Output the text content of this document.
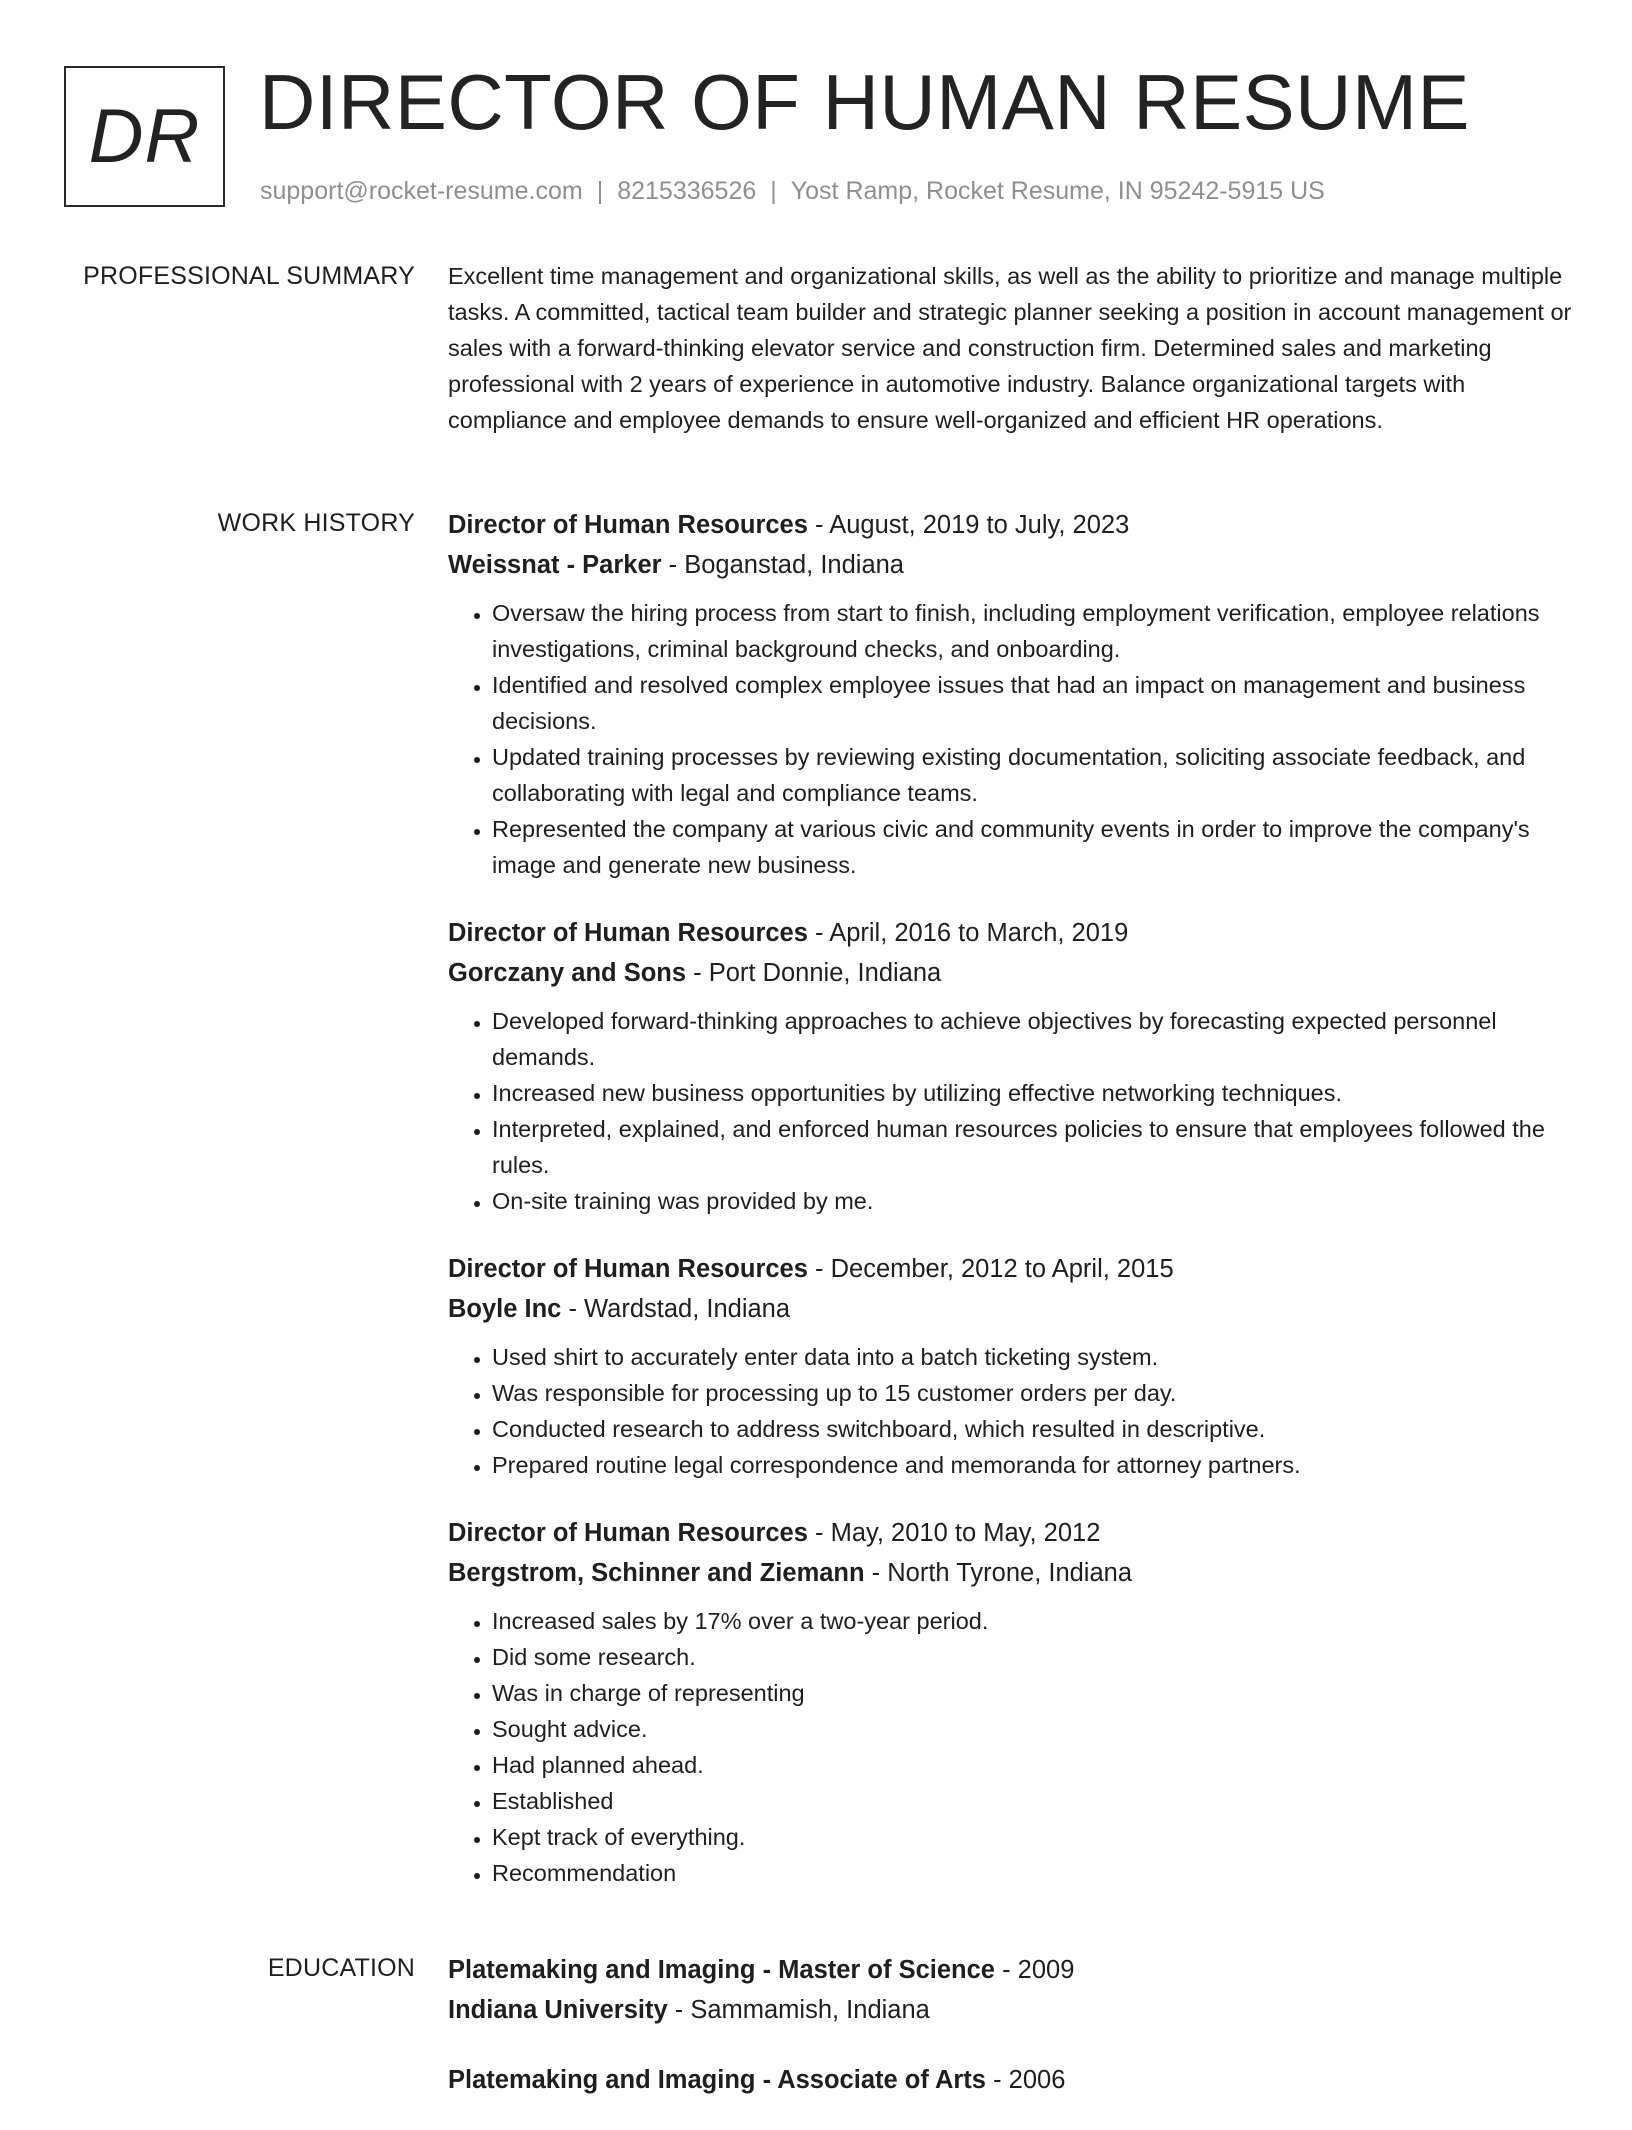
DR DIRECTOR OF HUMAN RESUME
support@rocket-resume.com | 8215336526 | Yost Ramp, Rocket Resume, IN 95242-5915 US
PROFESSIONAL SUMMARY Excellent time management and organizational skills, as well as the ability to prioritize and manage multiple tasks. A committed, tactical team builder and strategic planner seeking a position in account management or sales with a forward-thinking elevator service and construction firm. Determined sales and marketing professional with 2 years of experience in automotive industry. Balance organizational targets with compliance and employee demands to ensure well-organized and efficient HR operations.

WORK HISTORY Director of Human Resources - August, 2019 to July, 2023
Weissnat - Parker - Boganstad, Indiana
• Oversaw the hiring process from start to finish, including employment verification, employee relations investigations, criminal background checks, and onboarding.
• Identified and resolved complex employee issues that had an impact on management and business decisions.
• Updated training processes by reviewing existing documentation, soliciting associate feedback, and collaborating with legal and compliance teams.
• Represented the company at various civic and community events in order to improve the company's image and generate new business.
Director of Human Resources - April, 2016 to March, 2019
Gorczany and Sons - Port Donnie, Indiana
• Developed forward-thinking approaches to achieve objectives by forecasting expected personnel demands.
• Increased new business opportunities by utilizing effective networking techniques.
• Interpreted, explained, and enforced human resources policies to ensure that employees followed the rules.
• On-site training was provided by me.
Director of Human Resources - December, 2012 to April, 2015
Boyle Inc - Wardstad, Indiana
• Used shirt to accurately enter data into a batch ticketing system.
• Was responsible for processing up to 15 customer orders per day.
• Conducted research to address switchboard, which resulted in descriptive.
• Prepared routine legal correspondence and memoranda for attorney partners.
Director of Human Resources - May, 2010 to May, 2012
Bergstrom, Schinner and Ziemann - North Tyrone, Indiana
• Increased sales by 17% over a two-year period.
• Did some research.
• Was in charge of representing
• Sought advice.
• Had planned ahead.
• Established
• Kept track of everything.
• Recommendation
EDUCATION Platemaking and Imaging - Master of Science - 2009
Indiana University - Sammamish, Indiana
Platemaking and Imaging - Associate of Arts - 2006
